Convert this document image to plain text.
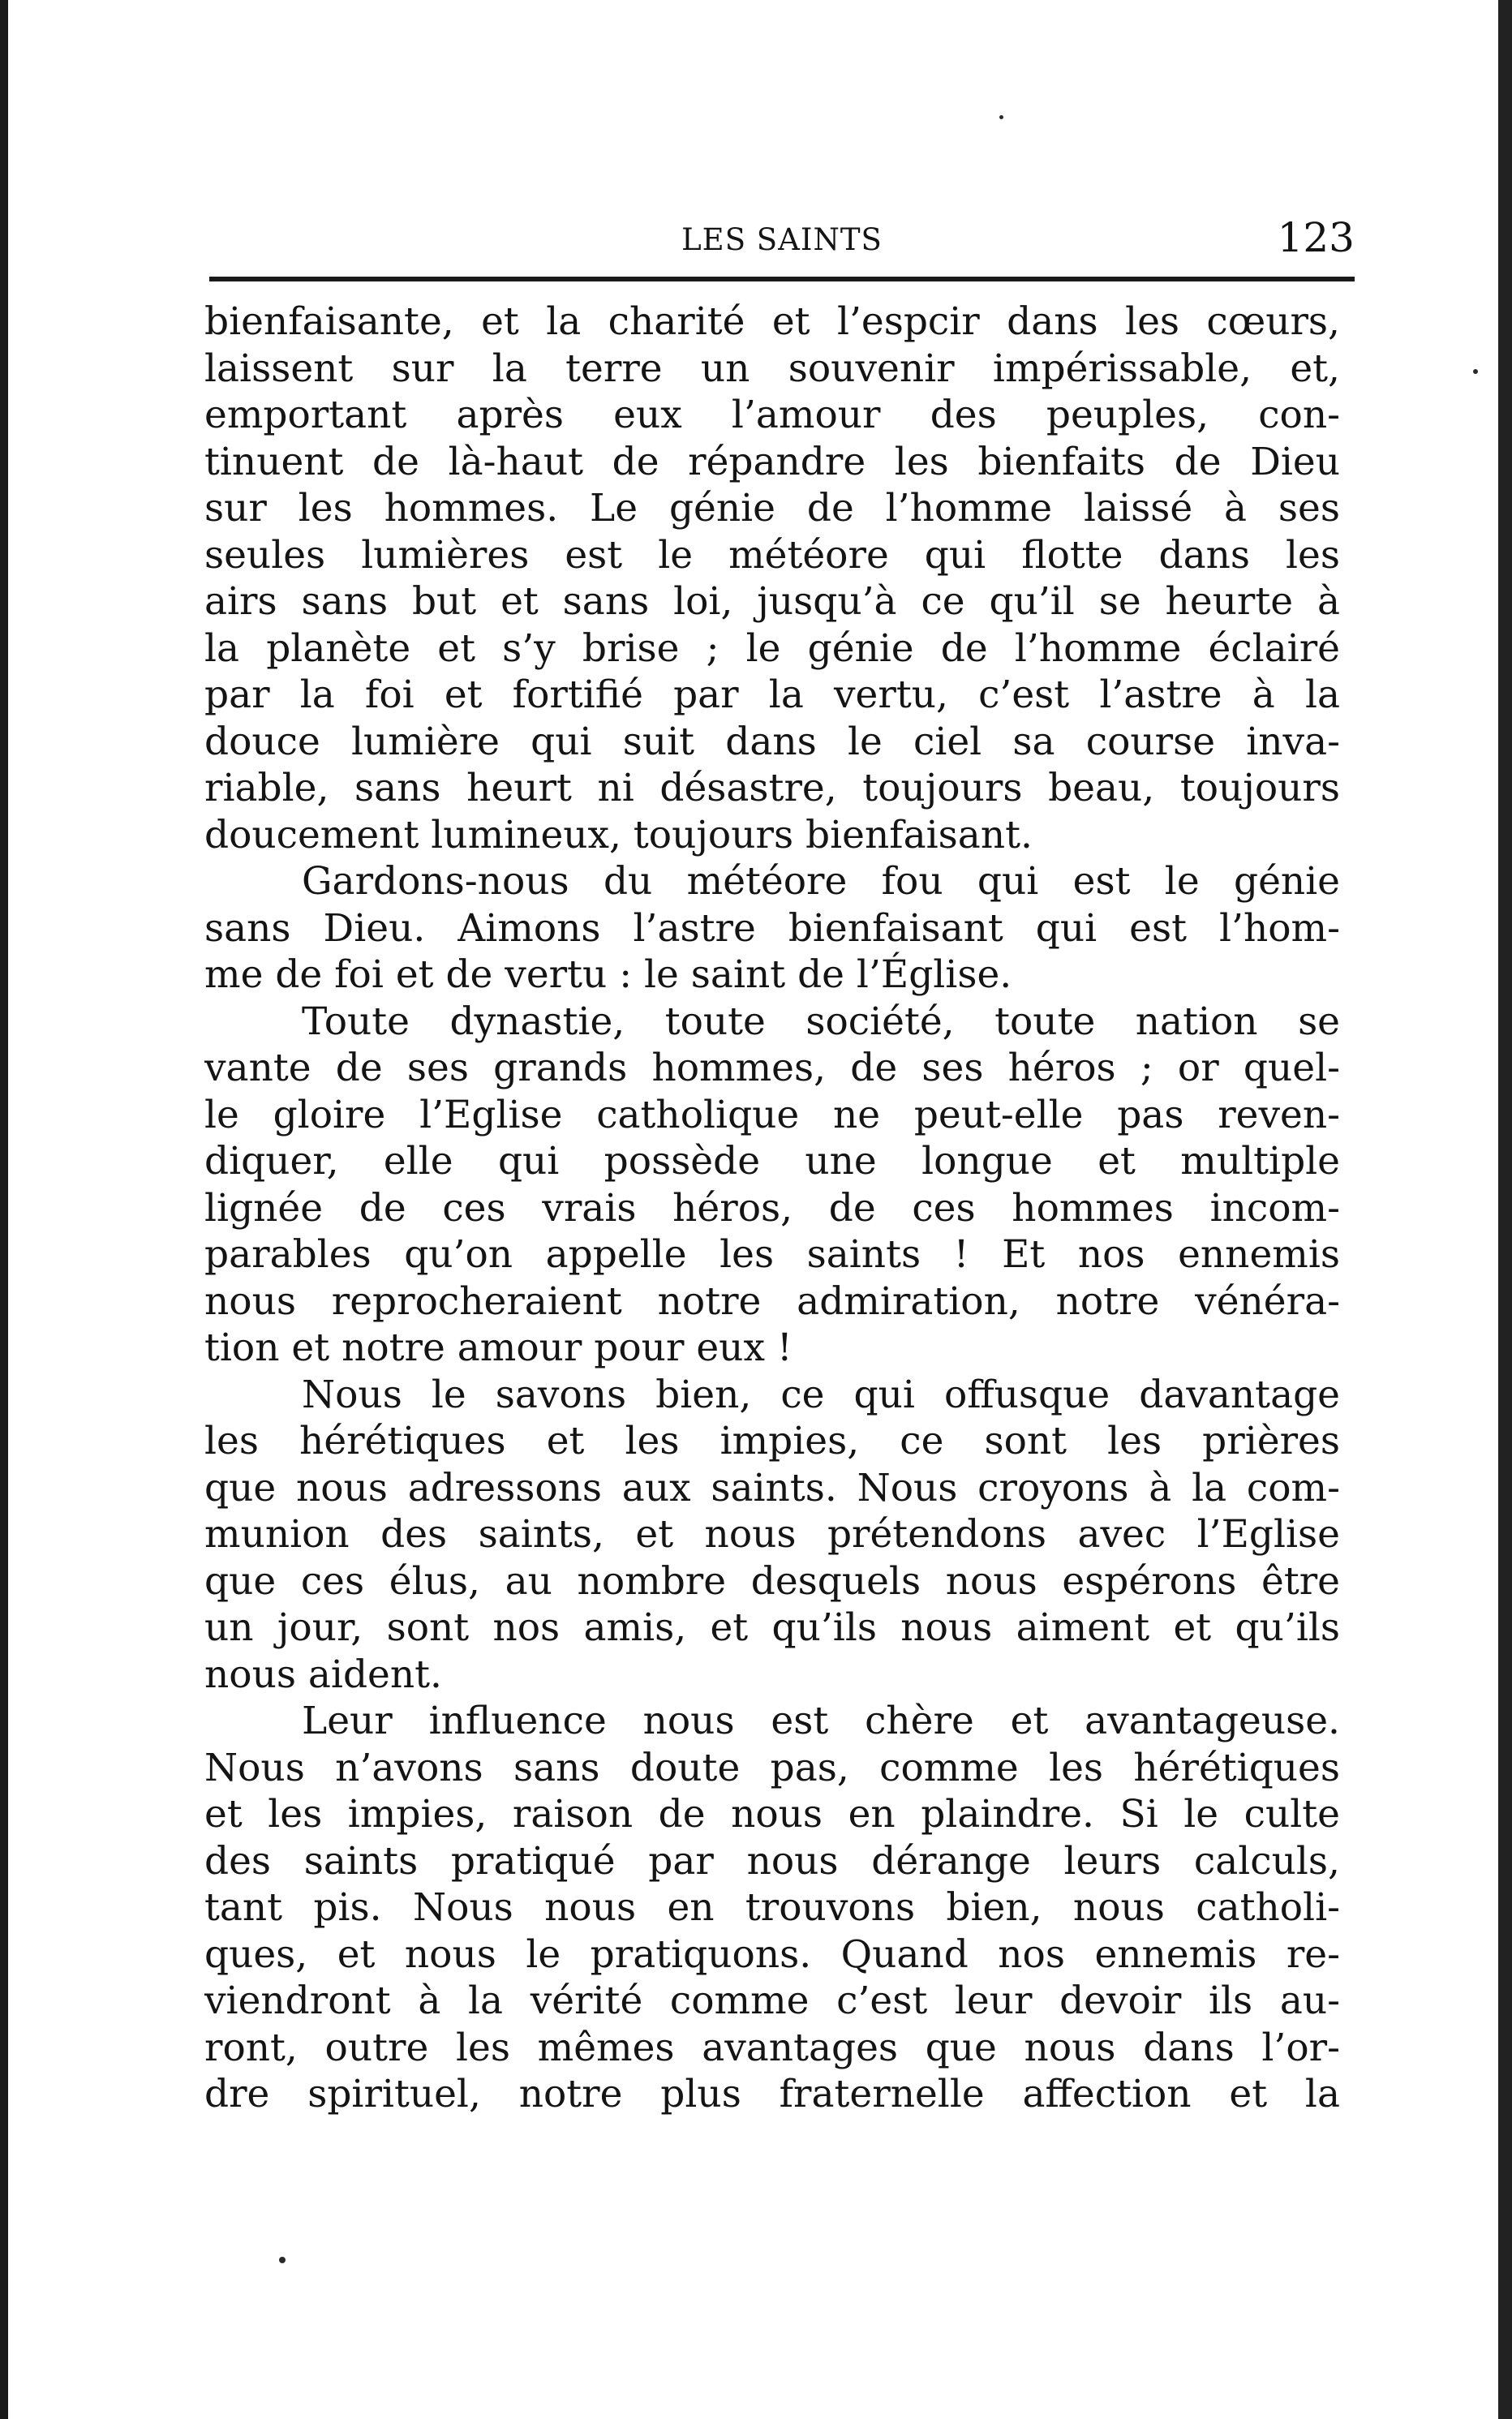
LES SAINTS	123
bienfaisante, et la charité et l’espcir dans les cœurs,
laissent sur la terre un souvenir impérissable, et,
emportant après eux l’amour des peuples, con-
tinuent de là-haut de répandre les bienfaits de Dieu
sur les hommes. Le génie de l’homme laissé à ses
seules lumières est le météore qui flotte dans les
airs sans but et sans loi, jusqu’à ce qu’il se heurte à
la planète et s’y brise ; le génie de l’homme éclairé
par la foi et fortifié par la vertu, c’est l’astre à la
douce lumière qui suit dans le ciel sa course inva-
riable, sans heurt ni désastre, toujours beau, toujours
doucement lumineux, toujours bienfaisant.
Gardons-nous du météore fou qui est le génie
sans Dieu. Aimons l’astre bienfaisant qui est l’hom-
me de foi et de vertu : le saint de l’Église.
Toute dynastie, toute société, toute nation se
vante de ses grands hommes, de ses héros ; or quel-
le gloire l’Eglise catholique ne peut-elle pas reven-
diquer, elle qui possède une longue et multiple
lignée de ces vrais héros, de ces hommes incom-
parables qu’on appelle les saints ! Et nos ennemis
nous reprocheraient notre admiration, notre vénéra-
tion et notre amour pour eux !
Nous le savons bien, ce qui offusque davantage
les hérétiques et les impies, ce sont les prières
que nous adressons aux saints. Nous croyons à la com-
munion des saints, et nous prétendons avec l’Eglise
que ces élus, au nombre desquels nous espérons être
un jour, sont nos amis, et qu’ils nous aiment et qu’ils
nous aident.
Leur influence nous est chère et avantageuse.
Nous n’avons sans doute pas, comme les hérétiques
et les impies, raison de nous en plaindre. Si le culte
des saints pratiqué par nous dérange leurs calculs,
tant pis. Nous nous en trouvons bien, nous catholi-
ques, et nous le pratiquons. Quand nos ennemis re-
viendront à la vérité comme c’est leur devoir ils au-
ront, outre les mêmes avantages que nous dans l’or-
dre spirituel, notre plus fraternelle affection et la
